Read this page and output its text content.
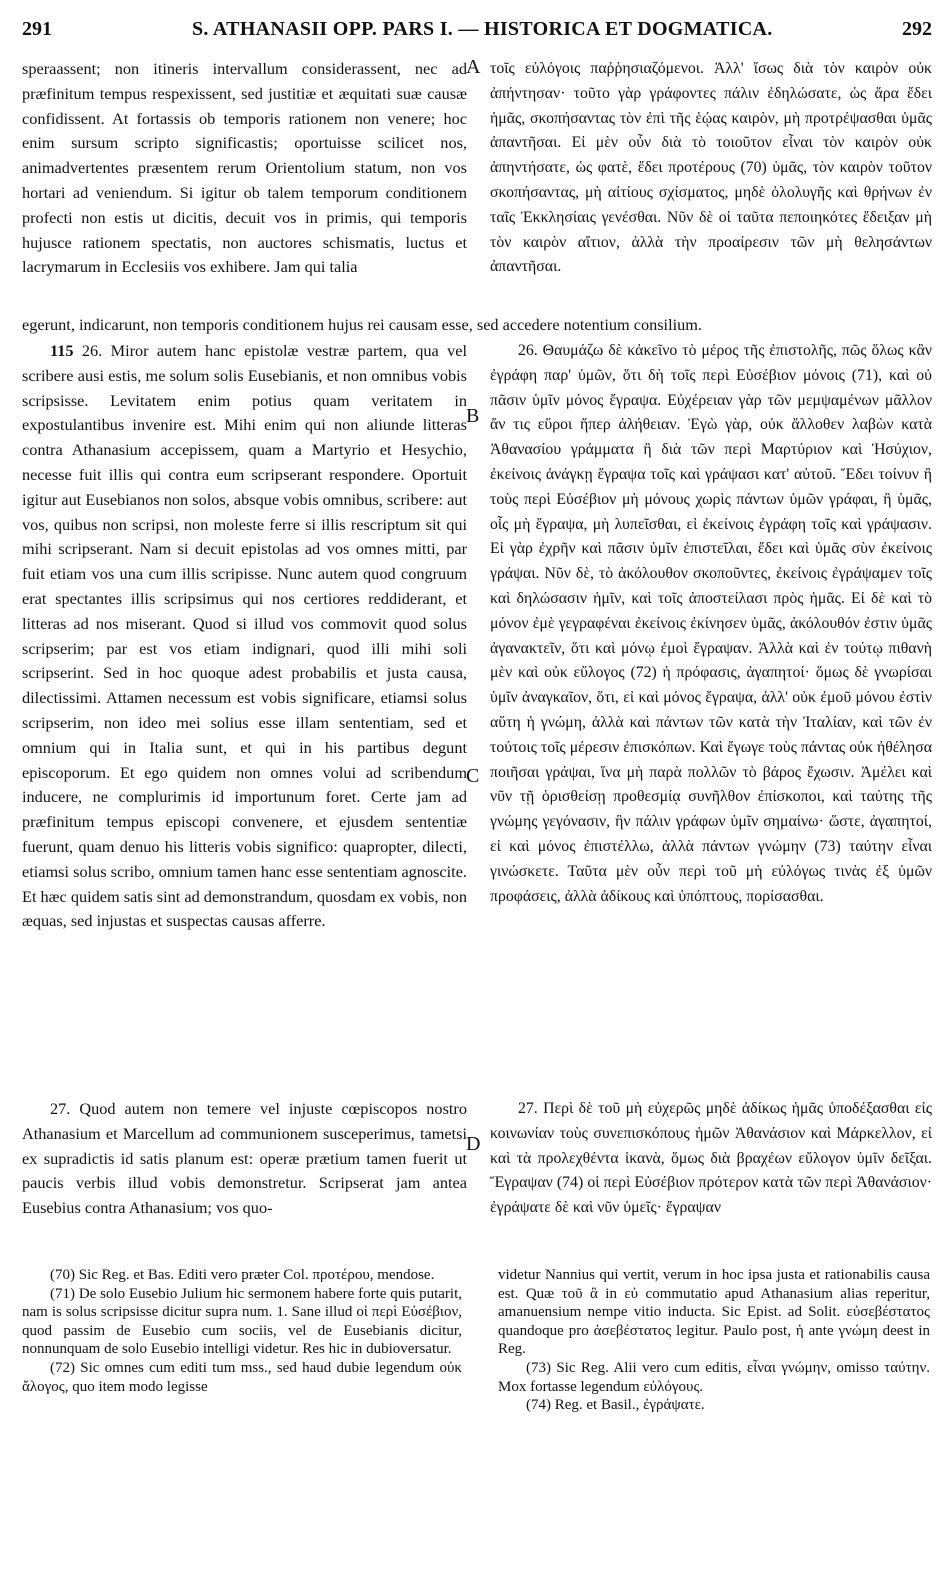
291	S. ATHANASII OPP. PARS I. — HISTORICA ET DOGMATICA.	292

speraassent; non itineris intervallum considerassent, nec ad præfinitum tempus respexissent, sed justitiæ et æquitati suæ causæ confidissent. At fortassis ob temporis rationem non venere; hoc enim sursum scripto significastis; oportuisse scilicet nos, animadvertentes præsentem rerum Orientolium statum, non vos hortari ad veniendum. Si igitur ob talem temporum conditionem profecti non estis ut dicitis, decuit vos in primis, qui temporis hujusce rationem spectatis, non auctores schismatis, luctus et lacrymarum in Ecclesiis vos exhibere. Jam qui talia

τοῖς εὐλόγοις παῤῥησιαζόμενοι. Ἀλλ' ἴσως διὰ τὸν καιρὸν οὐκ ἀπήντησαν· τοῦτο γὰρ γράφοντες πάλιν ἐδηλώσατε, ὡς ἄρα ἔδει ἡμᾶς, σκοπήσαντας τὸν ἐπὶ τῆς ἑῴας καιρὸν, μὴ προτρέψασθαι ὑμᾶς ἀπαντῆσαι. Εἰ μὲν οὖν διὰ τὸ τοιοῦτον εἶναι τὸν καιρὸν οὐκ ἀπηντήσατε, ὡς φατὲ, ἔδει προτέρους (70) ὑμᾶς, τὸν καιρὸν τοῦτον σκοπήσαντας, μὴ αἰτίους σχίσματος, μηδὲ ὀλολυγῆς καὶ θρήνων ἐν ταῖς Ἐκκλησίαις γενέσθαι. Νῦν δὲ οἱ ταῦτα πεποιηκότες ἔδειξαν μὴ τὸν καιρὸν αἴτιον, ἀλλὰ τὴν προαίρεσιν τῶν μὴ θελησάντων ἀπαντῆσαι.

A
egerunt, indicarunt, non temporis conditionem hujus rei causam esse, sed accedere notentium consilium.

115 26. Miror autem hanc epistolæ vestræ partem, qua vel scribere ausi estis, me solum solis Eusebianis, et non omnibus vobis scripsisse. Levitatem enim potius quam veritatem in expostulantibus invenire est. Mihi enim qui non aliunde litteras contra Athanasium accepissem, quam a Martyrio et Hesychio, necesse fuit illis qui contra eum scripserant respondere. Oportuit igitur aut Eusebianos non solos, absque vobis omnibus, scribere: aut vos, quibus non scripsi, non moleste ferre si illis rescriptum sit qui mihi scripserant. Nam si decuit epistolas ad vos omnes mitti, par fuit etiam vos una cum illis scripisse. Nunc autem quod congruum erat spectantes illis scripsimus qui nos certiores reddiderant, et litteras ad nos miserant. Quod si illud vos commovit quod solus scripserim; par est vos etiam indignari, quod illi mihi soli scripserint. Sed in hoc quoque adest probabilis et justa causa, dilectissimi. Attamen necessum est vobis significare, etiamsi solus scripserim, non ideo mei solius esse illam sententiam, sed et omnium qui in Italia sunt, et qui in his partibus degunt episcoporum. Et ego quidem non omnes volui ad scribendum inducere, ne complurimis id importunum foret. Certe jam ad præfinitum tempus episcopi convenere, et ejusdem sententiæ fuerunt, quam denuo his litteris vobis significo: quapropter, dilecti, etiamsi solus scribo, omnium tamen hanc esse sententiam agnoscite. Et hæc quidem satis sint ad demonstrandum, quosdam ex vobis, non æquas, sed injustas et suspectas causas afferre.

26. Θαυμάζω δὲ κἀκεῖνο τὸ μέρος τῆς ἐπιστολῆς, πῶς ὅλως κἂν ἐγράφη παρ' ὑμῶν, ὅτι δὴ τοῖς περὶ Εὐσέβιον μόνοις (71), καὶ οὐ πᾶσιν ὑμῖν μόνος ἔγραψα. Εὐχέρειαν γὰρ τῶν μεμψαμένων μᾶλλον ἄν τις εὕροι ἤπερ ἀλήθειαν. Ἐγὼ γὰρ, οὐκ ἄλλοθεν λαβὼν κατὰ Ἀθανασίου γράμματα ἢ διὰ τῶν περὶ Μαρτύριον καὶ Ἡσύχιον, ἐκείνοις ἀνάγκῃ ἔγραψα τοῖς καὶ γράψασι κατ' αὐτοῦ. Ἔδει τοίνυν ἢ τοὺς περὶ Εὐσέβιον μὴ μόνους χωρὶς πάντων ὑμῶν γράφαι, ἢ ὑμᾶς, οἷς μὴ ἔγραψα, μὴ λυπεῖσθαι, εἰ ἐκείνοις ἐγράφη τοῖς καὶ γράψασιν. Εἰ γὰρ ἐχρῆν καὶ πᾶσιν ὑμῖν ἐπιστεῖλαι, ἔδει καὶ ὑμᾶς σὺν ἐκείνοις γράψαι. Νῦν δὲ, τὸ ἀκόλουθον σκοποῦντες, ἐκείνοις ἐγράψαμεν τοῖς καὶ δηλώσασιν ἡμῖν, καὶ τοῖς ἀποστείλασι πρὸς ἡμᾶς. Εἰ δὲ καὶ τὸ μόνον ἐμὲ γεγραφέναι ἐκείνοις ἐκίνησεν ὑμᾶς, ἀκόλουθόν ἐστιν ὑμᾶς ἀγανακτεῖν, ὅτι καὶ μόνῳ ἐμοὶ ἔγραψαν. Ἀλλὰ καὶ ἐν τούτῳ πιθανὴ μὲν καὶ οὐκ εὔλογος (72) ἡ πρόφασις, ἀγαπητοί· ὅμως δὲ γνωρίσαι ὑμῖν ἀναγκαῖον, ὅτι, εἰ καὶ μόνος ἔγραψα, ἀλλ' οὐκ ἐμοῦ μόνου ἐστὶν αὕτη ἡ γνώμη, ἀλλὰ καὶ πάντων τῶν κατὰ τὴν Ἰταλίαν, καὶ τῶν ἐν τούτοις τοῖς μέρεσιν ἐπισκόπων. Καὶ ἔγωγε τοὺς πάντας οὐκ ἠθέλησα ποιῆσαι γράψαι, ἵνα μὴ παρὰ πολλῶν τὸ βάρος ἔχωσιν. Ἀμέλει καὶ νῦν τῇ ὁρισθείσῃ προθεσμίᾳ συνῆλθον ἐπίσκοποι, καὶ ταύτης τῆς γνώμης γεγόνασιν, ἣν πάλιν γράφων ὑμῖν σημαίνω· ὥστε, ἀγαπητοί, εἰ καὶ μόνος ἐπιστέλλω, ἀλλὰ πάντων γνώμην (73) ταύτην εἶναι γινώσκετε. Ταῦτα μὲν οὖν περὶ τοῦ μὴ εὐλόγως τινὰς ἐξ ὑμῶν προφάσεις, ἀλλὰ ἀδίκους καὶ ὑπόπτους, πορίσασθαι.

B
C

27. Quod autem non temere vel injuste cœpiscopos nostro Athanasium et Marcellum ad communionem susceperimus, tametsi ex supradictis id satis planum est: operæ prætium tamen fuerit ut paucis verbis illud vobis demonstretur. Scripserat jam antea Eusebius contra Athanasium; vos quo-

27. Περὶ δὲ τοῦ μὴ εὐχερῶς μηδὲ ἀδίκως ἡμᾶς ὑποδέξασθαι εἰς κοινωνίαν τοὺς συνεπισκόπους ἡμῶν Ἀθανάσιον καὶ Μάρκελλον, εἰ καὶ τὰ προλεχθέντα ἱκανὰ, ὅμως διὰ βραχέων εὔλογον ὑμῖν δεῖξαι. Ἔγραψαν (74) οἱ περὶ Εὐσέβιον πρότερον κατὰ τῶν περὶ Ἀθανάσιον· ἐγράψατε δὲ καὶ νῦν ὑμεῖς· ἔγραψαν

D

(70) Sic Reg. et Bas. Editi vero præter Col. προτέρου, mendose.

(71) De solo Eusebio Julium hic sermonem habere forte quis putarit, nam is solus scripsisse dicitur supra num. 1. Sane illud οἱ περὶ Εὐσέβιον, quod passim de Eusebio cum sociis, vel de Eusebianis dicitur, nonnunquam de solo Eusebio intelligi videtur. Res hic in dubioversatur.

(72) Sic omnes cum editi tum mss., sed haud dubie legendum οὐκ ἄλογος, quo item modo legisse

videtur Nannius qui vertit, verum in hoc ipsa justa et rationabilis causa est. Quæ τοῦ ἃ in εὐ commutatio apud Athanasium alias reperitur, amanuensium nempe vitio inducta. Sic Epist. ad Solit. εὐσεβέστατος quandoque pro ἀσεβέστατος legitur. Paulo post, ἡ ante γνώμη deest in Reg.

(73) Sic Reg. Alii vero cum editis, εἶναι γνώμην, omisso ταύτην. Mox fortasse legendum εὐλόγους.

(74) Reg. et Basil., ἐγράψατε.
